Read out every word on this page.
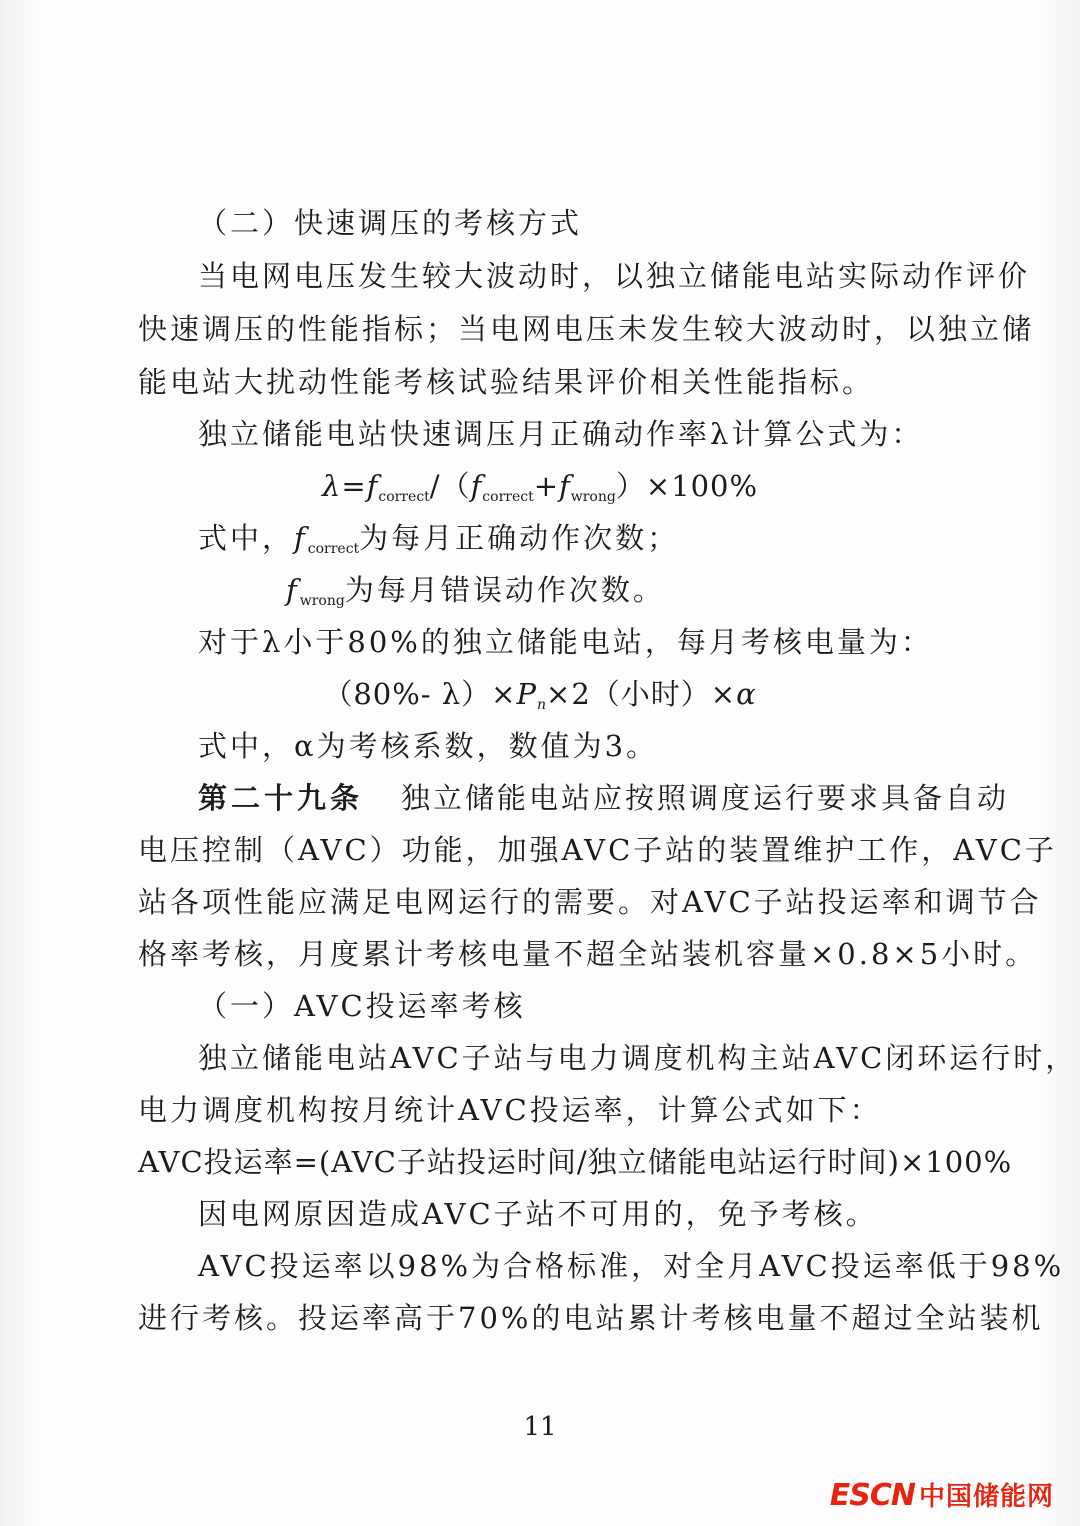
（二）快速调压的考核方式
当电网电压发生较大波动时，以独立储能电站实际动作评价
快速调压的性能指标；当电网电压未发生较大波动时，以独立储
能电站大扰动性能考核试验结果评价相关性能指标。
独立储能电站快速调压月正确动作率λ计算公式为：
$\lambda=f_{correct}/(f_{correct}+f_{wrong})\times 100\%$
式中，$f_{correct}$为每月正确动作次数；
$f_{wrong}$为每月错误动作次数。
对于λ小于80%的独立储能电站，每月考核电量为：
（80%- $\lambda)\times P_n\times 2$（小时）×α
式中，α为考核系数，数值为3。
第二十九条 独立储能电站应按照调度运行要求具备自动
电压控制（AVC）功能，加强AVC子站的装置维护工作，AVC子
站各项性能应满足电网运行的需要。对AVC子站投运率和调节合
格率考核，月度累计考核电量不超全站装机容量×0.8×5小时。
（一）AVC投运率考核
独立储能电站AVC子站与电力调度机构主站AVC闭环运行时，
电力调度机构按月统计AVC投运率，计算公式如下：
AVC投运率=(AVC子站投运时间/独立储能电站运行时间)×100%
因电网原因造成AVC子站不可用的，免予考核。
AVC投运率以98%为合格标准，对全月AVC投运率低于98%
进行考核。投运率高于70%的电站累计考核电量不超过全站装机
11
ESCN 中国储能网
